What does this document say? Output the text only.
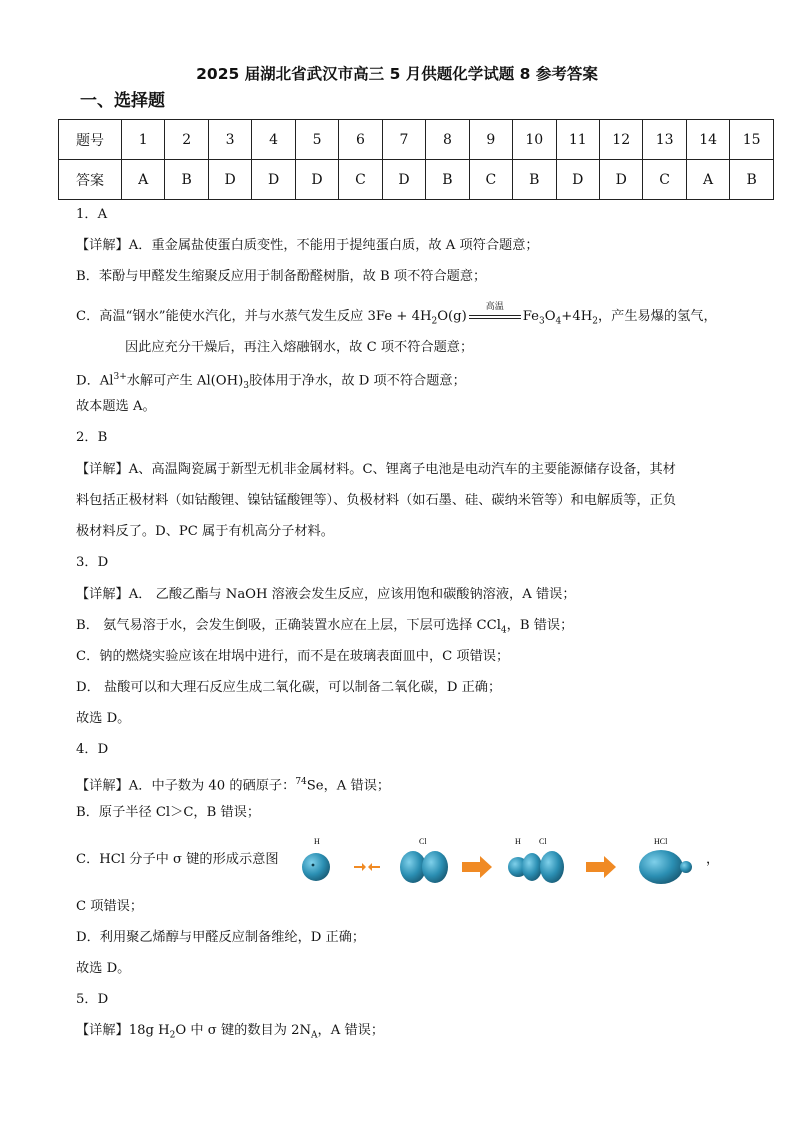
2025 届湖北省武汉市高三 5 月供题化学试题 8 参考答案
一、选择题
题号	1	2	3	4	5	6	7	8	9	10	11	12	13	14	15
答案	A	B	D	D	D	C	D	B	C	B	D	D	C	A	B
1．A
【详解】A．重金属盐使蛋白质变性，不能用于提纯蛋白质，故 A 项符合题意；
B．苯酚与甲醛发生缩聚反应用于制备酚醛树脂，故 B 项不符合题意；
C．高温“钢水”能使水汽化，并与水蒸气发生反应 $3Fe + 4H_2O(g)$
高温
$Fe_3O_4+4H_2$，产生易爆的氢气，
因此应充分干燥后，再注入熔融钢水，故 C 项不符合题意；
D．$Al^{3+}$水解可产生 $Al(OH)_3$胶体用于净水，故 D 项不符合题意；
故本题选 A。
2．B
【详解】A、高温陶瓷属于新型无机非金属材料。C、锂离子电池是电动汽车的主要能源储存设备，其材
料包括正极材料（如钴酸锂、镍钴锰酸锂等）、负极材料（如石墨、硅、碳纳米管等）和电解质等，正负
极材料反了。D、PC 属于有机高分子材料。
3．D
【详解】A． 乙酸乙酯与 NaOH 溶液会发生反应，应该用饱和碳酸钠溶液，A 错误；
B． 氨气易溶于水，会发生倒吸，正确装置水应在上层，下层可选择 CCl$_4$，B 错误；
C．钠的燃烧实验应该在坩埚中进行，而不是在玻璃表面皿中，C 项错误；
D． 盐酸可以和大理石反应生成二氧化碳，可以制备二氧化碳，D 正确；
故选 D。
4．D
【详解】A．中子数为 40 的硒原子：$^{74}$Se，A 错误；
B．原子半径 Cl＞C，B 错误；
C．HCl 分子中 σ 键的形成示意图	，
H	Cl	H Cl	HCl
C 项错误；
D．利用聚乙烯醇与甲醛反应制备维纶，D 正确；
故选 D。
5．D
【详解】18g $H_2O$ 中 σ 键的数目为 $2N_A$，A 错误；
